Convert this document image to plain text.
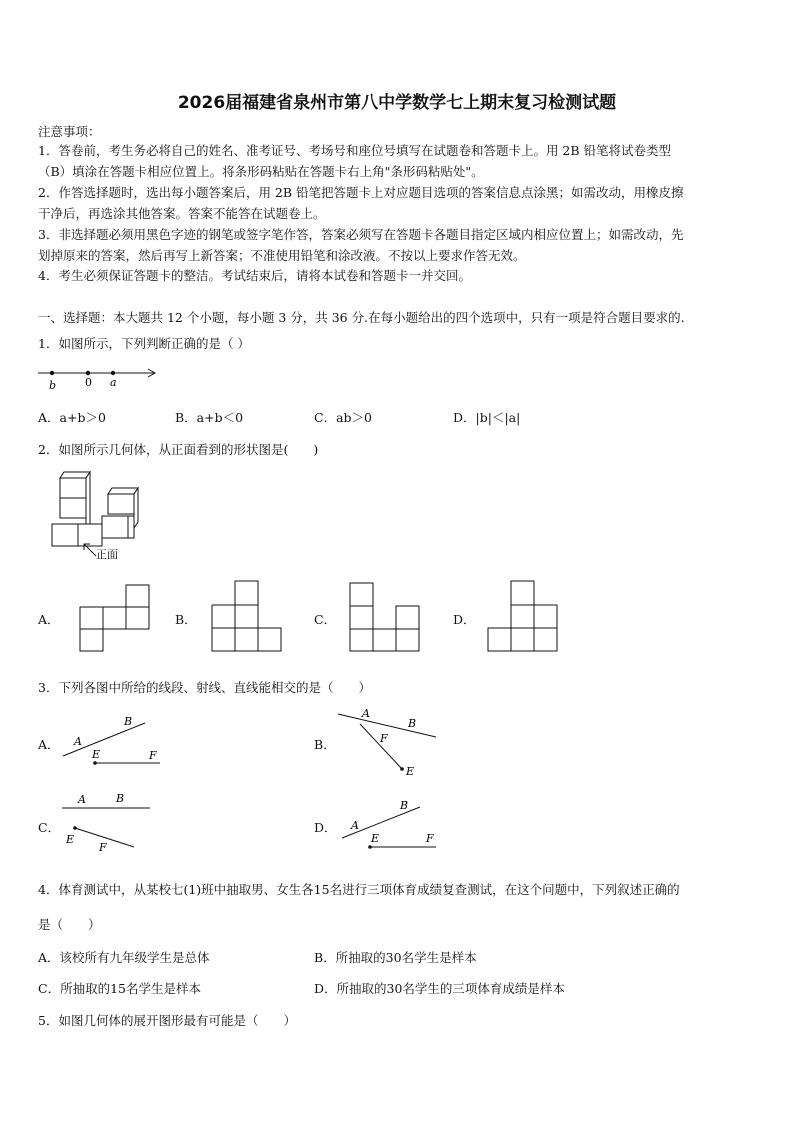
2026届福建省泉州市第八中学数学七上期末复习检测试题
注意事项：
1．答卷前，考生务必将自己的姓名、准考证号、考场号和座位号填写在试题卷和答题卡上。用 2B 铅笔将试卷类型
（B）填涂在答题卡相应位置上。将条形码粘贴在答题卡右上角"条形码粘贴处"。
2．作答选择题时，选出每小题答案后，用 2B 铅笔把答题卡上对应题目选项的答案信息点涂黑；如需改动，用橡皮擦
干净后，再选涂其他答案。答案不能答在试题卷上。
3．非选择题必须用黑色字迹的钢笔或签字笔作答，答案必须写在答题卡各题目指定区域内相应位置上；如需改动，先
划掉原来的答案，然后再写上新答案；不准使用铅笔和涂改液。不按以上要求作答无效。
4．考生必须保证答题卡的整洁。考试结束后，请将本试卷和答题卡一并交回。
一、选择题：本大题共 12 个小题，每小题 3 分，共 36 分.在每小题给出的四个选项中，只有一项是符合题目要求的.
1．如图所示，下列判断正确的是（ ）
b	0 a
A．a+b＞0	B．a+b＜0	C．ab＞0	D．|b|＜|a|
2．如图所示几何体，从正面看到的形状图是(　　)
正面
A．	B．	C．	D．
3．下列各图中所给的线段、射线、直线能相交的是（　　）
A． A
B
E	F
B．
A
B
E
F
C．
A	B
E
F
D． A
B
E	F
4．体育测试中，从某校七(1)班中抽取男、女生各15名进行三项体育成绩复查测试，在这个问题中，下列叙述正确的
是（　　）
A．该校所有九年级学生是总体	B．所抽取的30名学生是样本
C．所抽取的15名学生是样本	D．所抽取的30名学生的三项体育成绩是样本
5．如图几何体的展开图形最有可能是（　　）
